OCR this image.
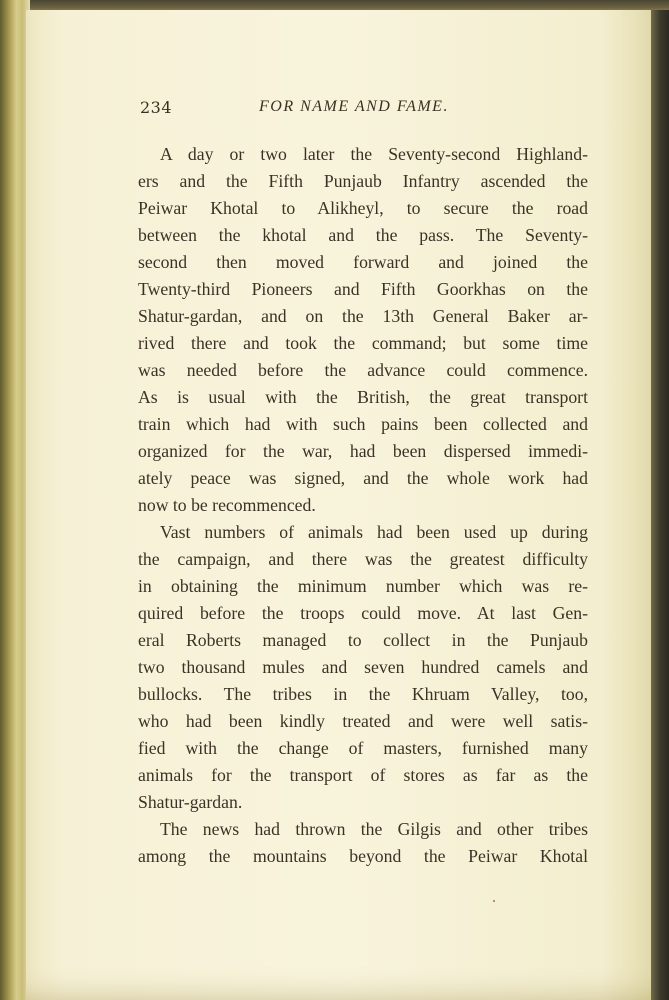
234	FOR NAME AND FAME.

A day or two later the Seventy-second Highland-

ers and the Fifth Punjaub Infantry ascended the

Peiwar Khotal to Alikheyl, to secure the road

between the khotal and the pass. The Seventy-

second then moved forward and joined the

Twenty-third Pioneers and Fifth Goorkhas on the

Shatur-gardan, and on the 13th General Baker ar-

rived there and took the command; but some time

was needed before the advance could commence.

As is usual with the British, the great transport

train which had with such pains been collected and

organized for the war, had been dispersed immedi-

ately peace was signed, and the whole work had

now to be recommenced.

Vast numbers of animals had been used up during

the campaign, and there was the greatest difficulty

in obtaining the minimum number which was re-

quired before the troops could move. At last Gen-

eral Roberts managed to collect in the Punjaub

two thousand mules and seven hundred camels and

bullocks. The tribes in the Khruam Valley, too,

who had been kindly treated and were well satis-

fied with the change of masters, furnished many

animals for the transport of stores as far as the

Shatur-gardan.

The news had thrown the Gilgis and other tribes

among the mountains beyond the Peiwar Khotal
